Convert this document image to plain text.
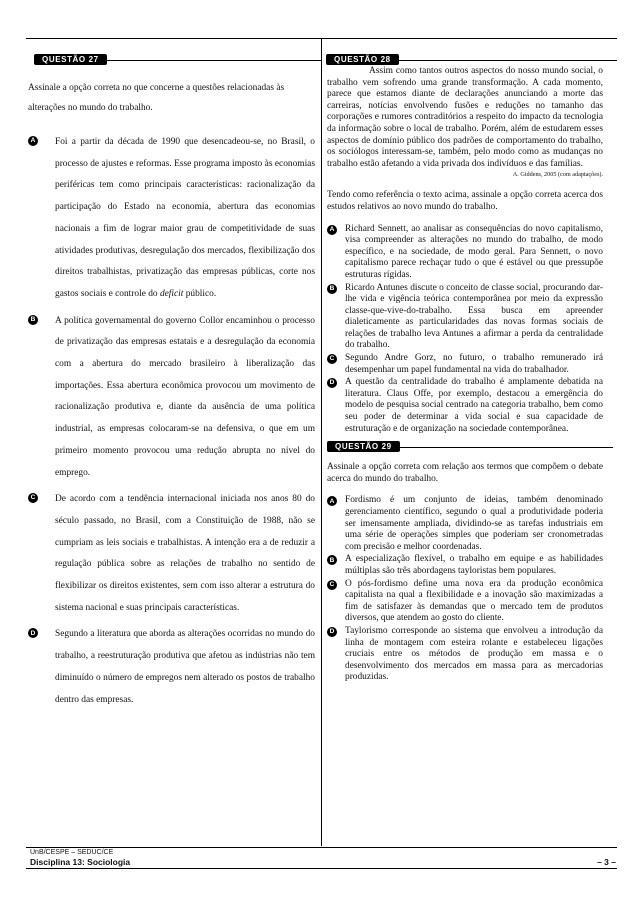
QUESTÃO 27	QUESTÃO 28

Assinale a opção correta no que concerne a questões relacionadas às alterações no mundo do trabalho.

A Foi a partir da década de 1990 que desencadeou-se, no Brasil, o processo de ajustes e reformas. Esse programa imposto às economias periféricas tem como principais características: racionalização da participação do Estado na economia, abertura das economias nacionais a fim de lograr maior grau de competitividade de suas atividades produtivas, desregulação dos mercados, flexibilização dos direitos trabalhistas, privatização das empresas públicas, corte nos gastos sociais e controle do deficit público.
B A política governamental do governo Collor encaminhou o processo de privatização das empresas estatais e a desregulação da economia com a abertura do mercado brasileiro à liberalização das importações. Essa abertura econômica provocou um movimento de racionalização produtiva e, diante da ausência de uma política industrial, as empresas colocaram-se na defensiva, o que em um primeiro momento provocou uma redução abrupta no nível do emprego.
C De acordo com a tendência internacional iniciada nos anos 80 do século passado, no Brasil, com a Constituição de 1988, não se cumpriam as leis sociais e trabalhistas. A intenção era a de reduzir a regulação pública sobre as relações de trabalho no sentido de flexibilizar os direitos existentes, sem com isso alterar a estrutura do sistema nacional e suas principais características.
D Segundo a literatura que aborda as alterações ocorridas no mundo do trabalho, a reestruturação produtiva que afetou as indústrias não tem diminuído o número de empregos nem alterado os postos de trabalho dentro das empresas.

Assim como tantos outros aspectos do nosso mundo social, o trabalho vem sofrendo uma grande transformação. A cada momento, parece que estamos diante de declarações anunciando a morte das carreiras, notícias envolvendo fusões e reduções no tamanho das corporações e rumores contraditórios a respeito do impacto da tecnologia da informação sobre o local de trabalho. Porém, além de estudarem esses aspectos de domínio público dos padrões de comportamento do trabalho, os sociólogos interessam-se, também, pelo modo como as mudanças no trabalho estão afetando a vida privada dos indivíduos e das famílias.

A. Giddens, 2005 (com adaptações).

Tendo como referência o texto acima, assinale a opção correta acerca dos estudos relativos ao novo mundo do trabalho.

A Richard Sennett, ao analisar as consequências do novo capitalismo, visa compreender as alterações no mundo do trabalho, de modo específico, e na sociedade, de modo geral. Para Sennett, o novo capitalismo parece rechaçar tudo o que é estável ou que pressupõe estruturas rígidas.
B Ricardo Antunes discute o conceito de classe social, procurando dar-lhe vida e vigência teórica contemporânea por meio da expressão classe-que-vive-do-trabalho. Essa busca em apreender dialeticamente as particularidades das novas formas sociais de relações de trabalho leva Antunes a afirmar a perda da centralidade do trabalho.
C Segundo Andre Gorz, no futuro, o trabalho remunerado irá desempenhar um papel fundamental na vida do trabalhador.
D A questão da centralidade do trabalho é amplamente debatida na literatura. Claus Offe, por exemplo, destacou a emergência do modelo de pesquisa social centrado na categoria trabalho, bem como seu poder de determinar a vida social e sua capacidade de estruturação e de organização na sociedade contemporânea.
QUESTÃO 29

Assinale a opção correta com relação aos termos que compõem o debate acerca do mundo do trabalho.

A Fordismo é um conjunto de ideias, também denominado gerenciamento científico, segundo o qual a produtividade poderia ser imensamente ampliada, dividindo-se as tarefas industriais em uma série de operações simples que poderiam ser cronometradas com precisão e melhor coordenadas.
B A especialização flexível, o trabalho em equipe e as habilidades múltiplas são três abordagens tayloristas bem populares.
C O pós-fordismo define uma nova era da produção econômica capitalista na qual a flexibilidade e a inovação são maximizadas a fim de satisfazer às demandas que o mercado tem de produtos diversos, que atendem ao gosto do cliente.
D Taylorismo corresponde ao sistema que envolveu a introdução da linha de montagem com esteira rolante e estabeleceu ligações cruciais entre os métodos de produção em massa e o desenvolvimento dos mercados em massa para as mercadorias produzidas.
UnB/CESPE – SEDUC/CE
Disciplina 13: Sociologia	– 3 –
